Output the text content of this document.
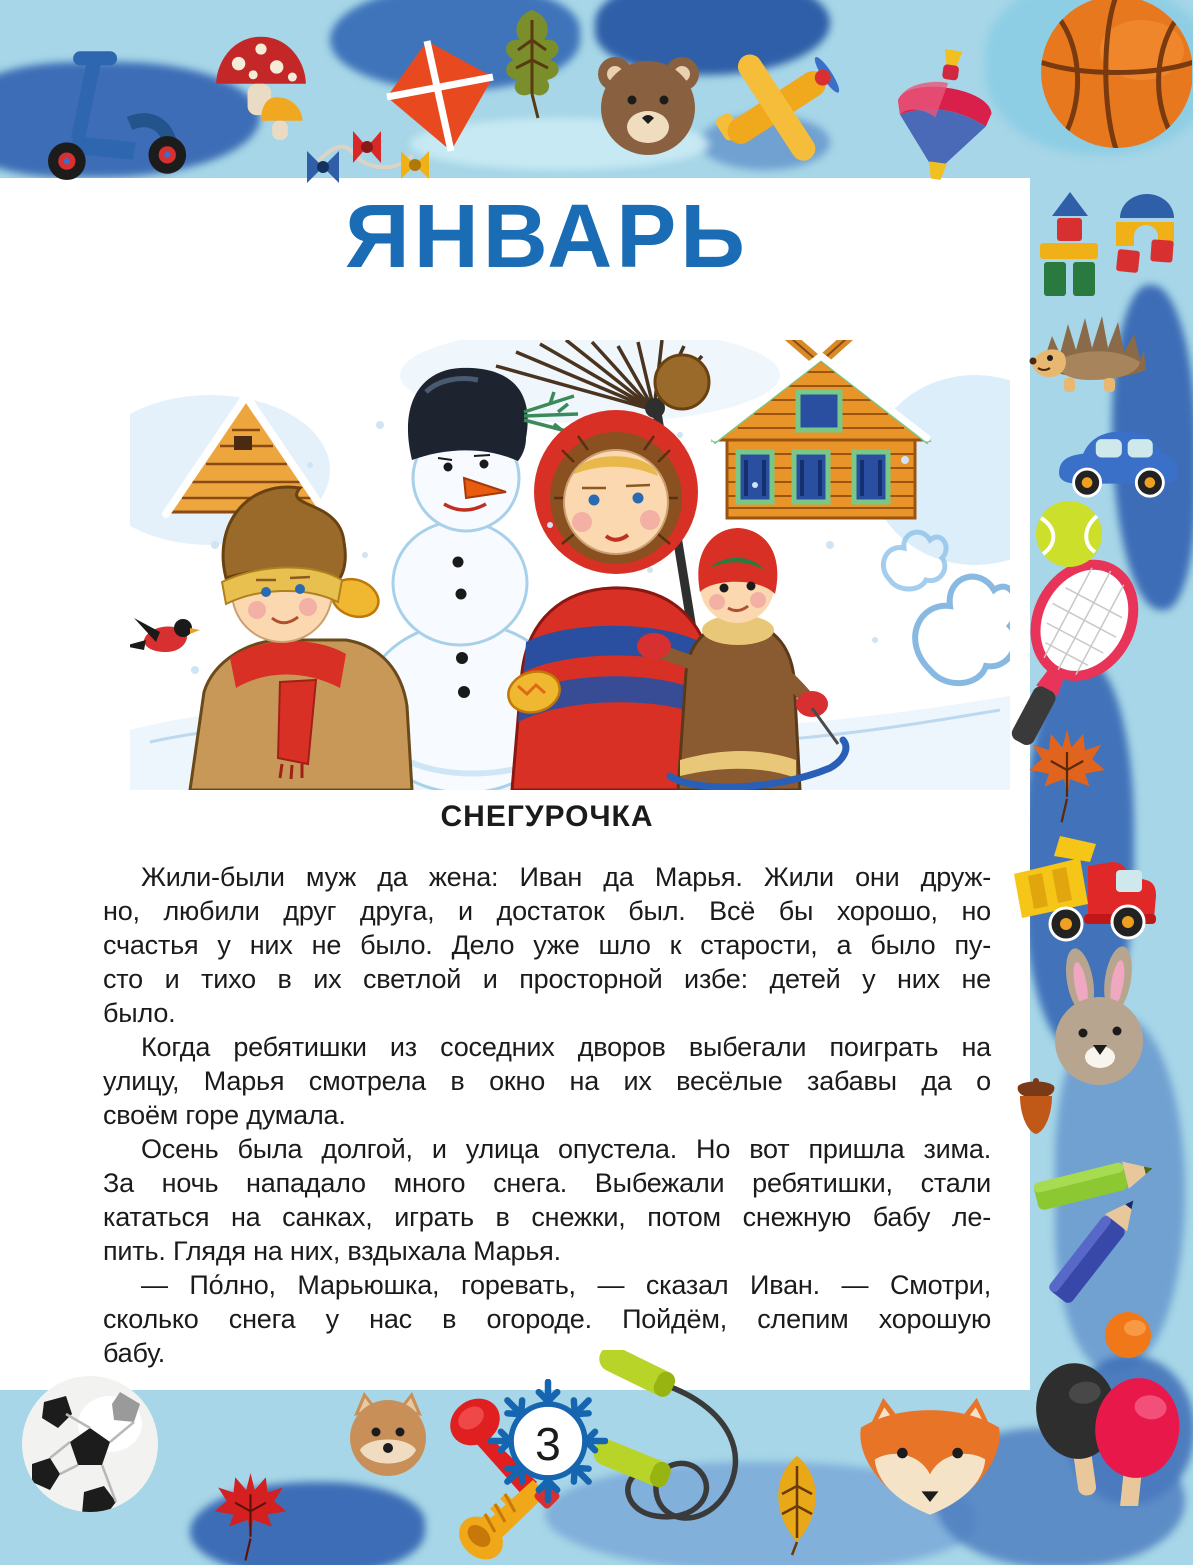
3
ЯНВАРЬ
СНЕГУРОЧКА
Жили-были муж да жена: Иван да Марья. Жили они друж-
но, любили друг друга, и достаток был. Всё бы хорошо, но
счастья у них не было. Дело уже шло к старости, а было пу-
сто и тихо в их светлой и просторной избе: детей у них не
было.
Когда ребятишки из соседних дворов выбегали поиграть на
улицу, Марья смотрела в окно на их весёлые забавы да о
своём горе думала.
Осень была долгой, и улица опустела. Но вот пришла зима.
За ночь нападало много снега. Выбежали ребятишки, стали
кататься на санках, играть в снежки, потом снежную бабу ле-
пить. Глядя на них, вздыхала Марья.
— По́лно, Марьюшка, горевать, — сказал Иван. — Смотри,
сколько снега у нас в огороде. Пойдём, слепим хорошую
бабу.
